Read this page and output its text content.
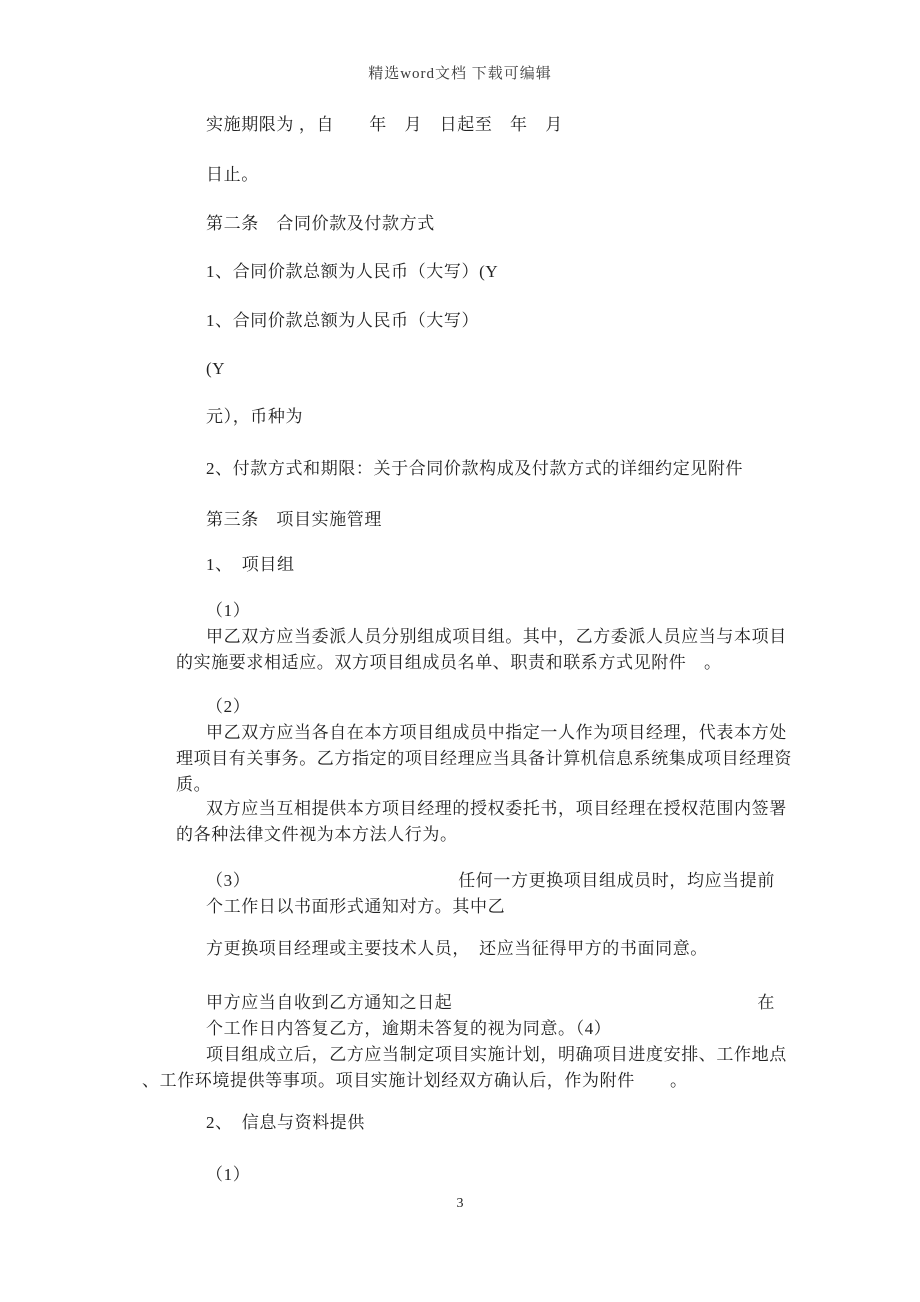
精选word文档 下载可编辑
实施期限为 ，自　　年　月　日起至　年　月
日止。
第二条　合同价款及付款方式
1、合同价款总额为人民币（大写）(Y
1、合同价款总额为人民币（大写）
(Y
元），币种为
2、付款方式和期限：关于合同价款构成及付款方式的详细约定见附件
第三条　项目实施管理
1、　项目组
（1）
甲乙双方应当委派人员分别组成项目组。其中，乙方委派人员应当与本项目
的实施要求相适应。双方项目组成员名单、职责和联系方式见附件　。
（2）
甲乙双方应当各自在本方项目组成员中指定一人作为项目经理，代表本方处
理项目有关事务。乙方指定的项目经理应当具备计算机信息系统集成项目经理资
质。
双方应当互相提供本方项目经理的授权委托书，项目经理在授权范围内签署
的各种法律文件视为本方法人行为。
（3）	任何一方更换项目组成员时，均应当提前
个工作日以书面形式通知对方。其中乙
方更换项目经理或主要技术人员，　还应当征得甲方的书面同意。
甲方应当自收到乙方通知之日起	在
个工作日内答复乙方，逾期未答复的视为同意。（4）
项目组成立后，乙方应当制定项目实施计划，明确项目进度安排、工作地点
、工作环境提供等事项。项目实施计划经双方确认后，作为附件　　。
2、　信息与资料提供
（1）
3
